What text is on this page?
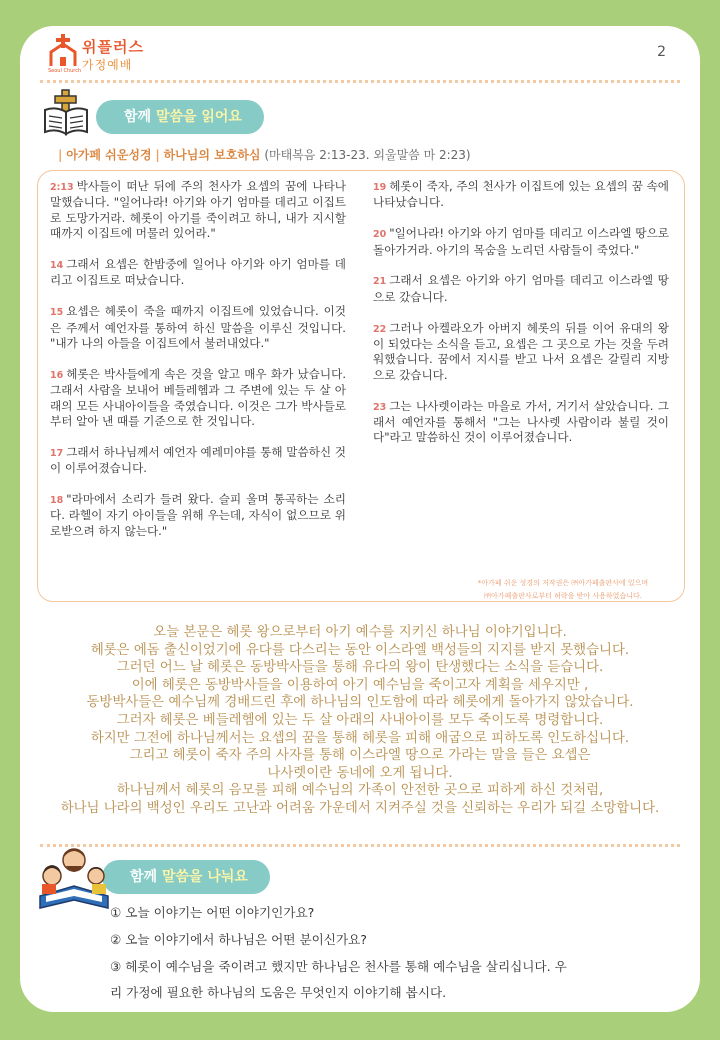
위플러스
가정예배
Seoul Church
2
함께 말씀을 읽어요
| 아가페 쉬운성경 | 하나님의 보호하심 (마태복음 2:13-23. 외울말씀 마 2:23)
2:13 박사들이 떠난 뒤에 주의 천사가 요셉의 꿈에 나타나 말했습니다. "일어나라! 아기와 아기 엄마를 데리고 이집트로 도망가거라. 헤롯이 아기를 죽이려고 하니, 내가 지시할 때까지 이집트에 머물러 있어라."
14 그래서 요셉은 한밤중에 일어나 아기와 아기 엄마를 데리고 이집트로 떠났습니다.
15 요셉은 헤롯이 죽을 때까지 이집트에 있었습니다. 이것은 주께서 예언자를 통하여 하신 말씀을 이루신 것입니다. "내가 나의 아들을 이집트에서 불러내었다."
16 헤롯은 박사들에게 속은 것을 알고 매우 화가 났습니다. 그래서 사람을 보내어 베들레헴과 그 주변에 있는 두 살 아래의 모든 사내아이들을 죽였습니다. 이것은 그가 박사들로부터 알아 낸 때를 기준으로 한 것입니다.
17 그래서 하나님께서 예언자 예레미야를 통해 말씀하신 것이 이루어졌습니다.
18 "라마에서 소리가 들려 왔다. 슬피 울며 통곡하는 소리다. 라헬이 자기 아이들을 위해 우는데, 자식이 없으므로 위로받으려 하지 않는다."
19 헤롯이 죽자, 주의 천사가 이집트에 있는 요셉의 꿈 속에 나타났습니다.
20 "일어나라! 아기와 아기 엄마를 데리고 이스라엘 땅으로 돌아가거라. 아기의 목숨을 노리던 사람들이 죽었다."
21 그래서 요셉은 아기와 아기 엄마를 데리고 이스라엘 땅으로 갔습니다.
22 그러나 아켈라오가 아버지 헤롯의 뒤를 이어 유대의 왕이 되었다는 소식을 듣고, 요셉은 그 곳으로 가는 것을 두려워했습니다. 꿈에서 지시를 받고 나서 요셉은 갈릴리 지방으로 갔습니다.
23 그는 나사렛이라는 마을로 가서, 거기서 살았습니다. 그래서 예언자를 통해서 "그는 나사렛 사람이라 불릴 것이다"라고 말씀하신 것이 이루어졌습니다.
*아가페 쉬운 성경의 저작권은 ㈜아가페출판사에 있으며
㈜아가페출판사로부터 허락을 받아 사용하였습니다.
오늘 본문은 헤롯 왕으로부터 아기 예수를 지키신 하나님 이야기입니다.
헤롯은 에돔 출신이었기에 유다를 다스리는 동안 이스라엘 백성들의 지지를 받지 못했습니다.
그러던 어느 날 헤롯은 동방박사들을 통해 유다의 왕이 탄생했다는 소식을 듣습니다.
이에 헤롯은 동방박사들을 이용하여 아기 예수님을 죽이고자 계획을 세우지만 ,
동방박사들은 예수님께 경배드린 후에 하나님의 인도함에 따라 헤롯에게 돌아가지 않았습니다.
그러자 헤롯은 베들레헴에 있는 두 살 아래의 사내아이를 모두 죽이도록 명령합니다.
하지만 그전에 하나님께서는 요셉의 꿈을 통해 헤롯을 피해 애굽으로 피하도록 인도하십니다.
그리고 헤롯이 죽자 주의 사자를 통해 이스라엘 땅으로 가라는 말을 들은 요셉은
나사렛이란 동네에 오게 됩니다.
하나님께서 헤롯의 음모를 피해 예수님의 가족이 안전한 곳으로 피하게 하신 것처럼,
하나님 나라의 백성인 우리도 고난과 어려움 가운데서 지켜주실 것을 신뢰하는 우리가 되길 소망합니다.
함께 말씀을 나눠요
① 오늘 이야기는 어떤 이야기인가요?
② 오늘 이야기에서 하나님은 어떤 분이신가요?
③ 헤롯이 예수님을 죽이려고 했지만 하나님은 천사를 통해 예수님을 살리십니다. 우
리 가정에 필요한 하나님의 도움은 무엇인지 이야기해 봅시다.
